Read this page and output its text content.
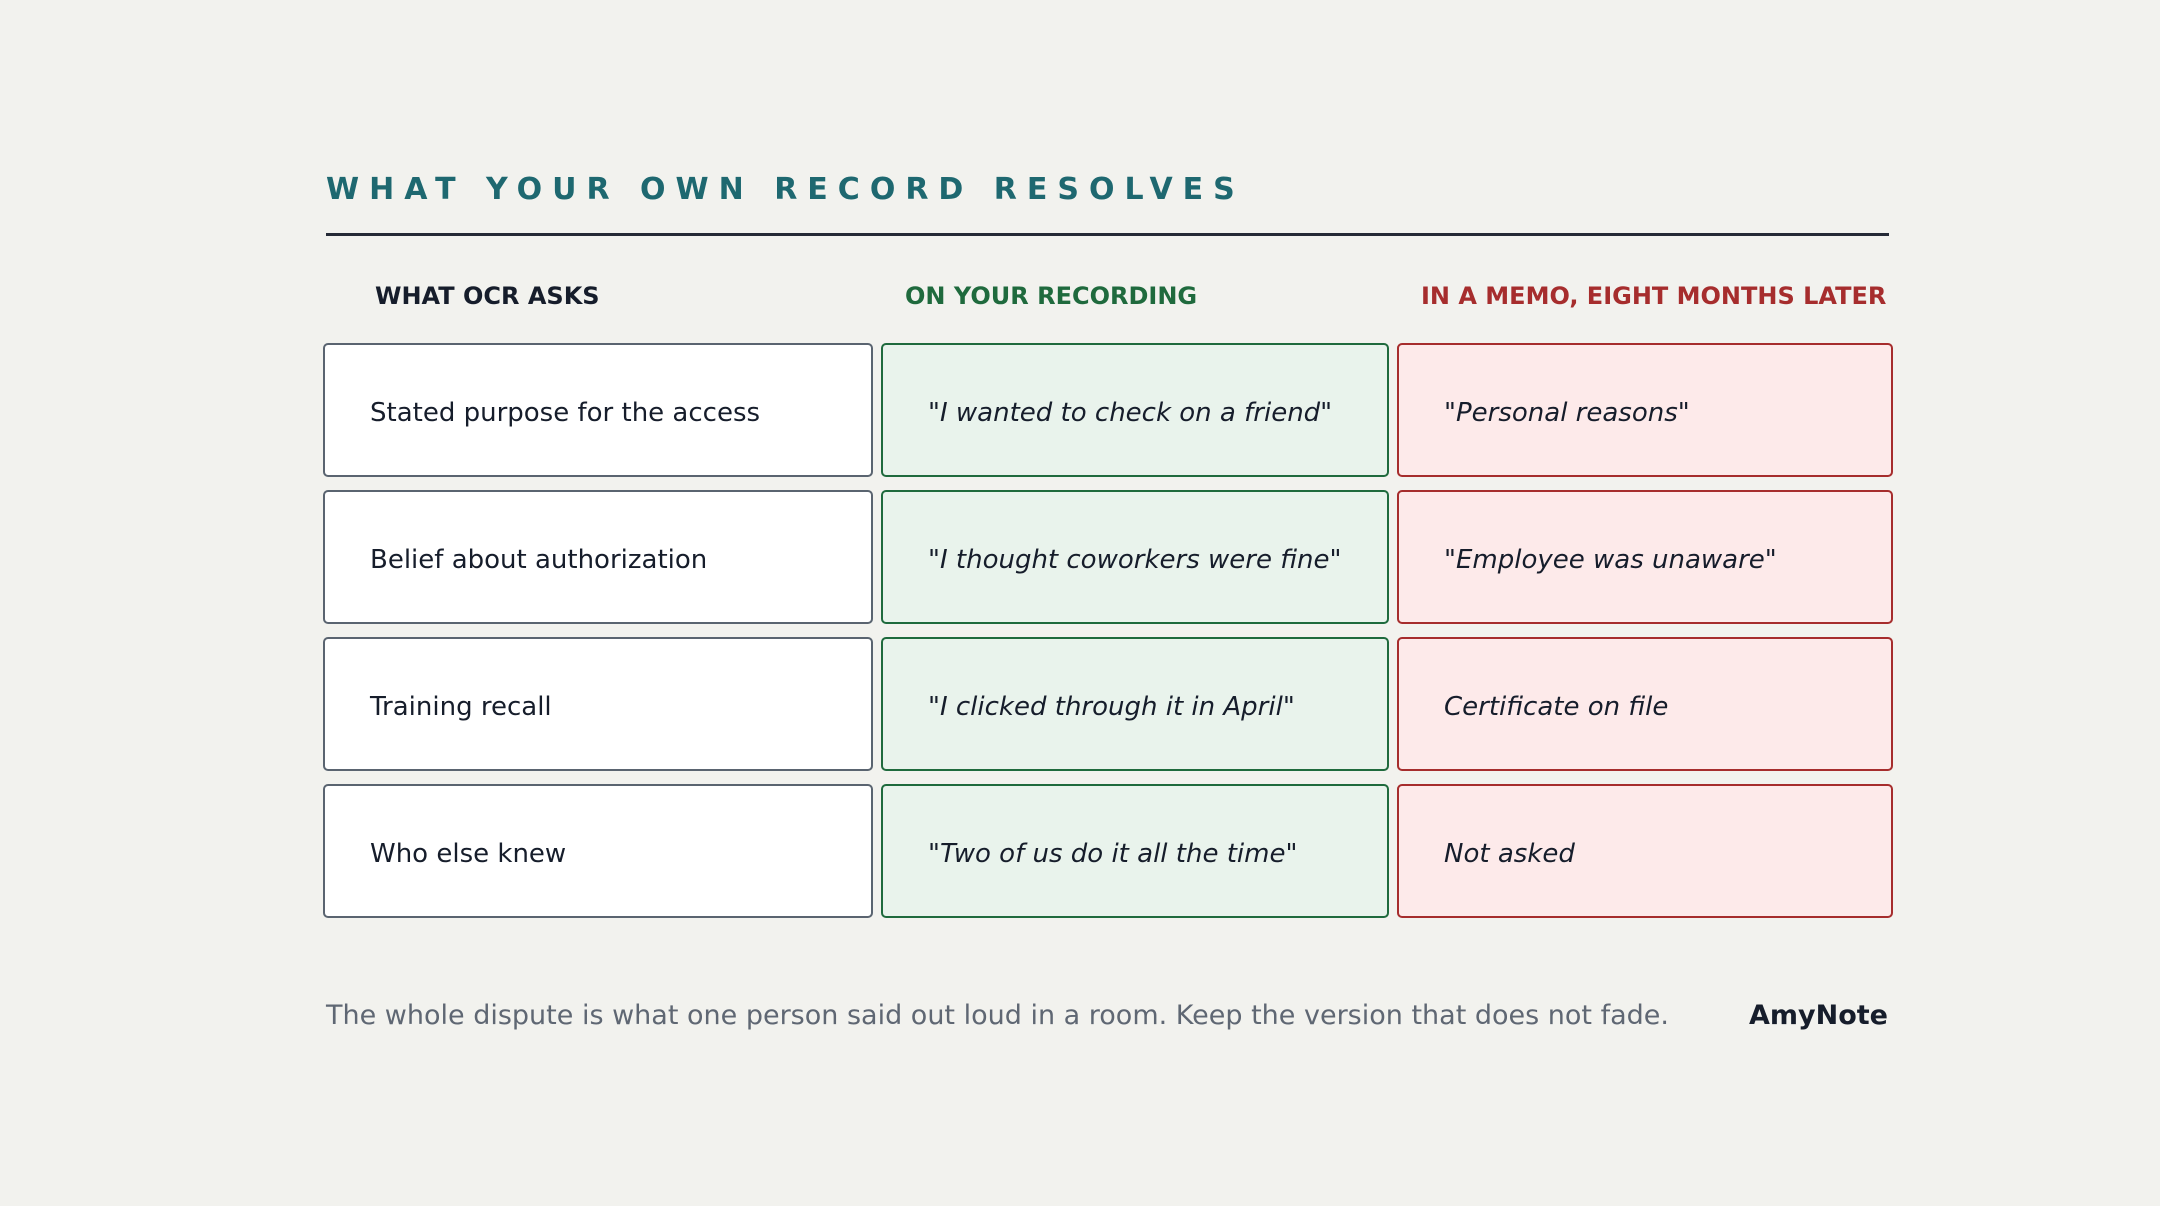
WHAT YOUR OWN RECORD RESOLVES
WHAT OCR ASKS	ON YOUR RECORDING	IN A MEMO, EIGHT MONTHS LATER
Stated purpose for the access	"I wanted to check on a friend"	"Personal reasons"
Belief about authorization	"I thought coworkers were fine"	"Employee was unaware"
Training recall	"I clicked through it in April"	Certificate on file
Who else knew	"Two of us do it all the time"	Not asked
The whole dispute is what one person said out loud in a room. Keep the version that does not fade.	AmyNote
